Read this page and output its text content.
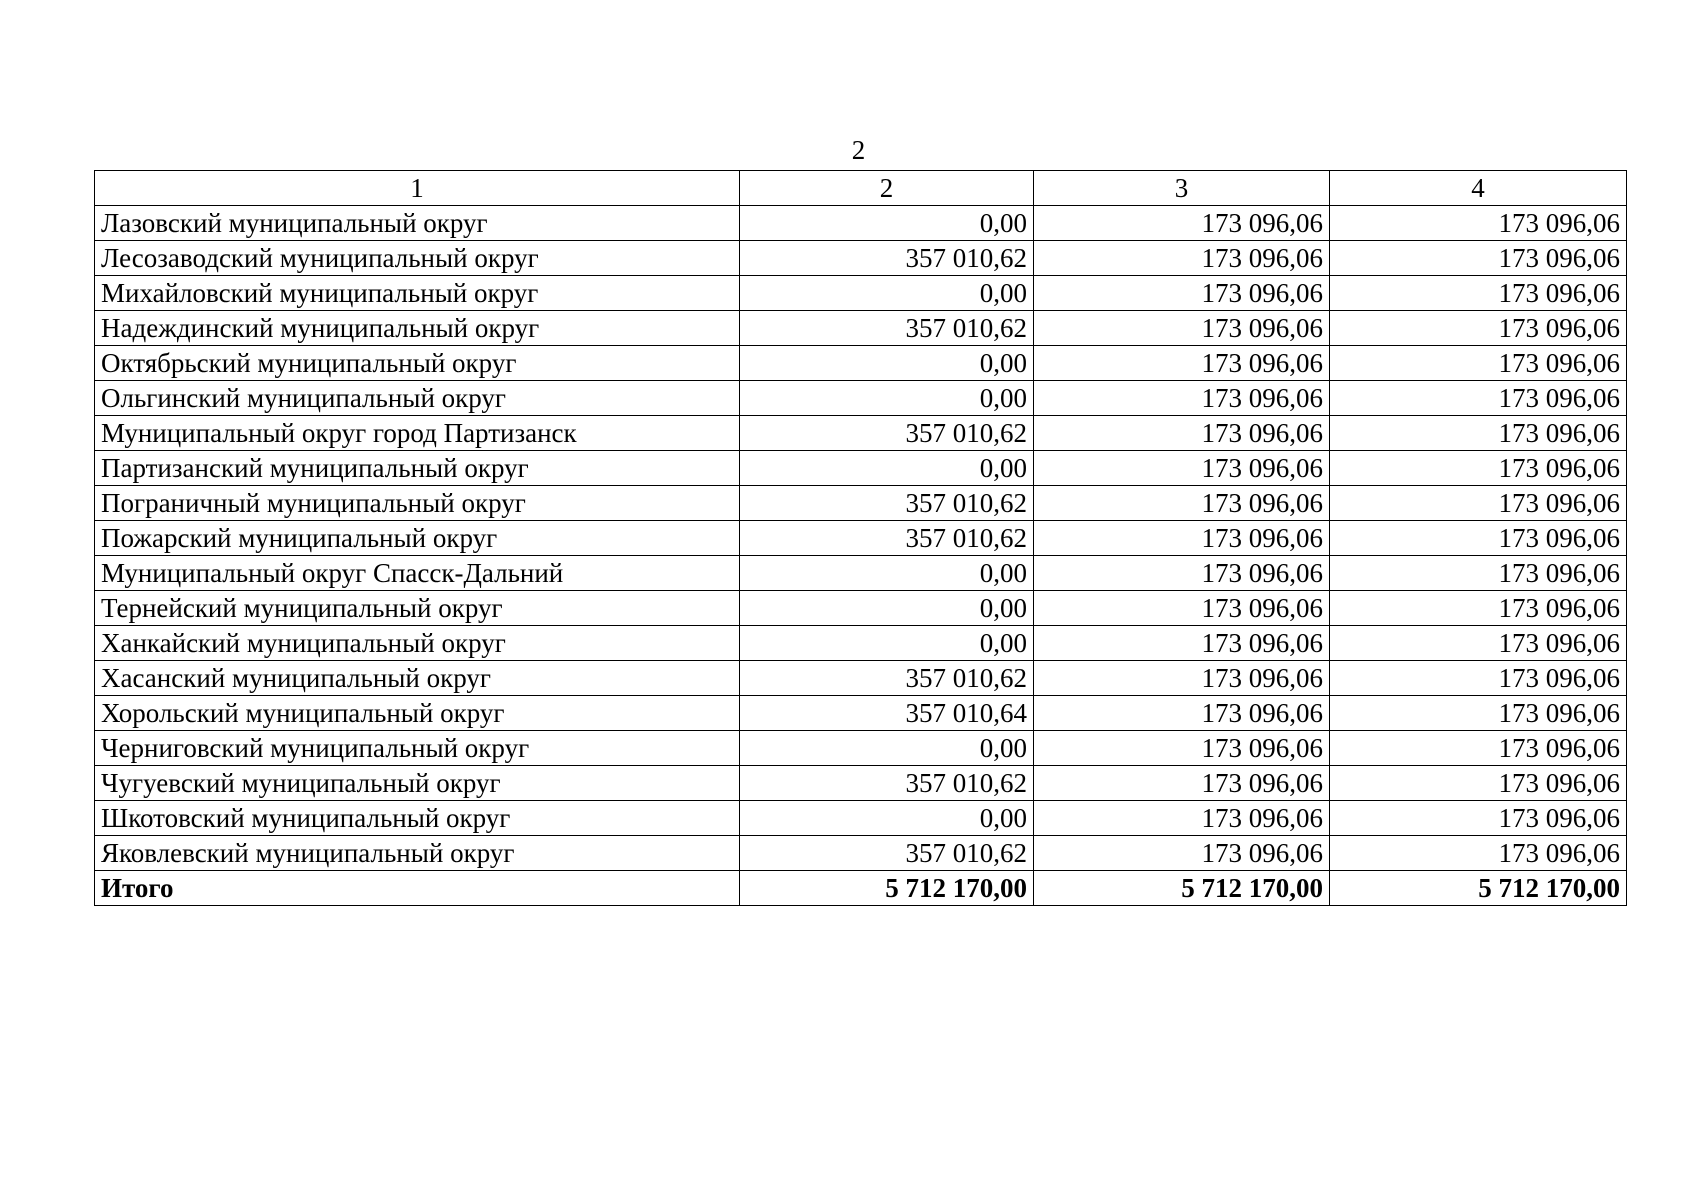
2
1	2	3	4
Лазовский муниципальный округ	0,00	173 096,06	173 096,06
Лесозаводский муниципальный округ	357 010,62	173 096,06	173 096,06
Михайловский муниципальный округ	0,00	173 096,06	173 096,06
Надеждинский муниципальный округ	357 010,62	173 096,06	173 096,06
Октябрьский муниципальный округ	0,00	173 096,06	173 096,06
Ольгинский муниципальный округ	0,00	173 096,06	173 096,06
Муниципальный округ город Партизанск	357 010,62	173 096,06	173 096,06
Партизанский муниципальный округ	0,00	173 096,06	173 096,06
Пограничный муниципальный округ	357 010,62	173 096,06	173 096,06
Пожарский муниципальный округ	357 010,62	173 096,06	173 096,06
Муниципальный округ Спасск-Дальний	0,00	173 096,06	173 096,06
Тернейский муниципальный округ	0,00	173 096,06	173 096,06
Ханкайский муниципальный округ	0,00	173 096,06	173 096,06
Хасанский муниципальный округ	357 010,62	173 096,06	173 096,06
Хорольский муниципальный округ	357 010,64	173 096,06	173 096,06
Черниговский муниципальный округ	0,00	173 096,06	173 096,06
Чугуевский муниципальный округ	357 010,62	173 096,06	173 096,06
Шкотовский муниципальный округ	0,00	173 096,06	173 096,06
Яковлевский муниципальный округ	357 010,62	173 096,06	173 096,06
Итого	5 712 170,00	5 712 170,00	5 712 170,00
